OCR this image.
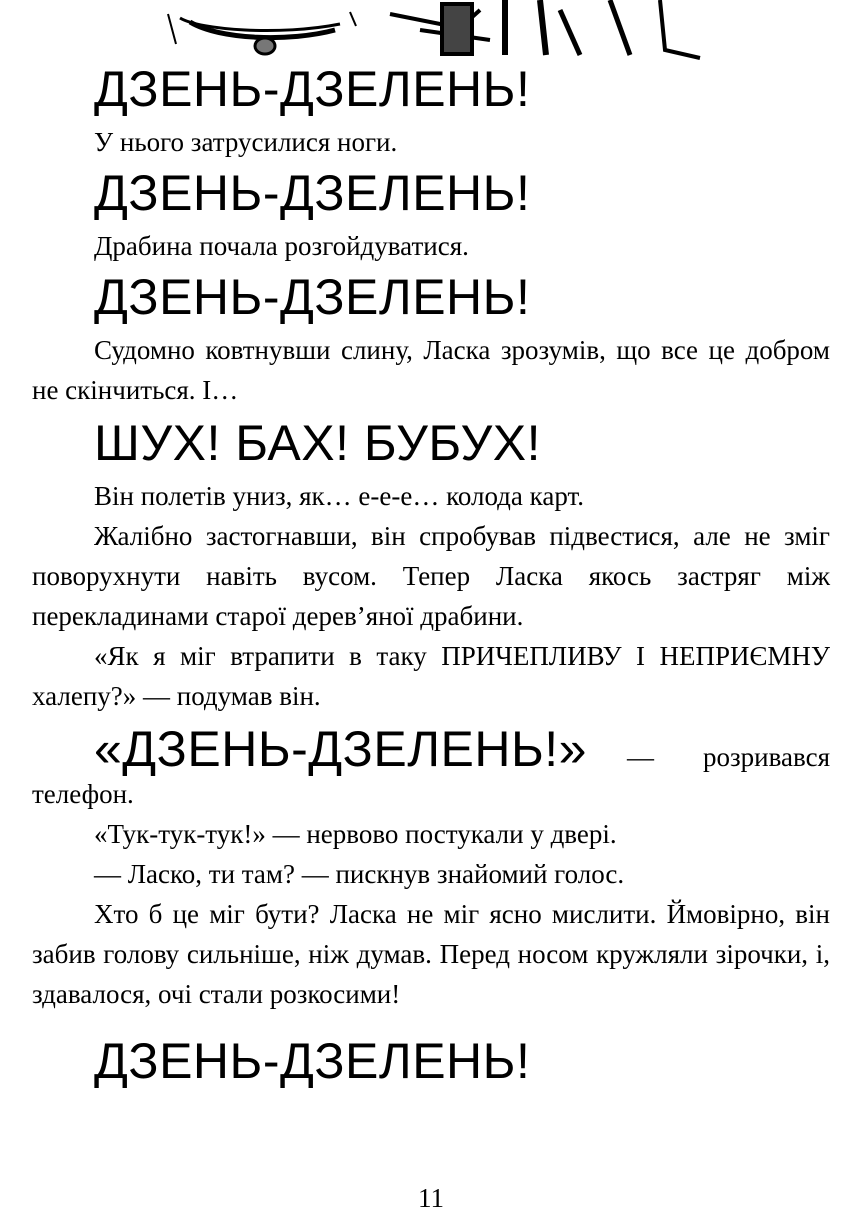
ДЗЕНЬ-ДЗЕЛЕНЬ!

У нього затрусилися ноги.

ДЗЕНЬ-ДЗЕЛЕНЬ!

Драбина почала розгойдуватися.

ДЗЕНЬ-ДЗЕЛЕНЬ!

Судомно ковтнувши слину, Ласка зрозумів, що все це добром не скінчиться. І…

ШУХ! БАХ! БУБУХ!

Він полетів униз, як… е-е-е… колода карт.

Жалібно застогнавши, він спробував підвестися, але не зміг поворухнути навіть вусом. Тепер Ласка якось застряг між перекладинами старої дерев’яної драбини.

«Як я міг втрапити в таку ПРИЧЕПЛИВУ І НЕПРИЄМНУ халепу?» — подумав він.

«ДЗЕНЬ-ДЗЕЛЕНЬ!» — розривався

телефон.

«Тук-тук-тук!» — нервово постукали у двері.

— Ласко, ти там? — пискнув знайомий голос.

Хто б це міг бути? Ласка не міг ясно мислити. Ймовірно, він забив голову сильніше, ніж думав. Перед носом кружляли зірочки, і, здавалося, очі стали розкосими!

ДЗЕНЬ-ДЗЕЛЕНЬ!
11
